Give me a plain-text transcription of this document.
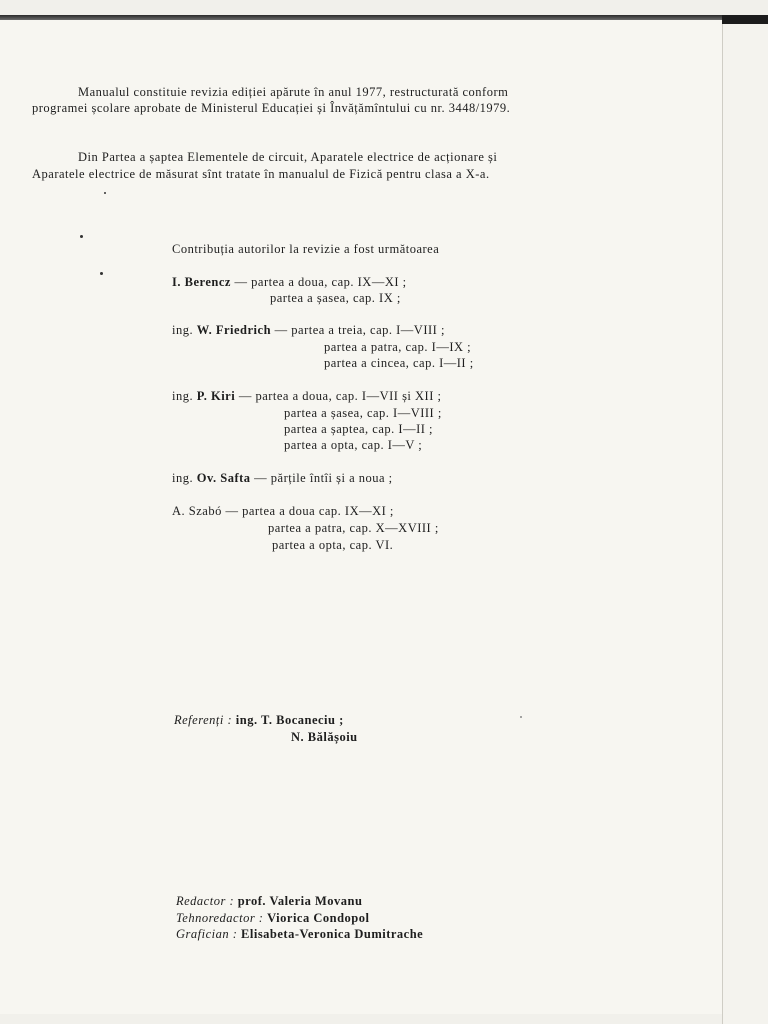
Manualul constituie revizia ediției apărute în anul 1977, restructurată conform
programei școlare aprobate de Ministerul Educației și Învățămîntului cu nr. 3448/1979.
Din Partea a șaptea Elementele de circuit, Aparatele electrice de acționare și
Aparatele electrice de măsurat sînt tratate în manualul de Fizică pentru clasa a X-a.
Contribuția autorilor la revizie a fost următoarea
I. Berencz — partea a doua, cap. IX—XI ;
partea a șasea, cap. IX ;
ing. W. Friedrich — partea a treia, cap. I—VIII ;
partea a patra, cap. I—IX ;
partea a cincea, cap. I—II ;
ing. P. Kiri — partea a doua, cap. I—VII și XII ;
partea a șasea, cap. I—VIII ;
partea a șaptea, cap. I—II ;
partea a opta, cap. I—V ;
ing. Ov. Safta — părțile întîi și a noua ;
A. Szabó — partea a doua cap. IX—XI ;
partea a patra, cap. X—XVIII ;
partea a opta, cap. VI.
Referenți : ing. T. Bocaneciu ;
N. Bălășoiu
Redactor : prof. Valeria Movanu
Tehnoredactor : Viorica Condopol
Grafician : Elisabeta-Veronica Dumitrache
